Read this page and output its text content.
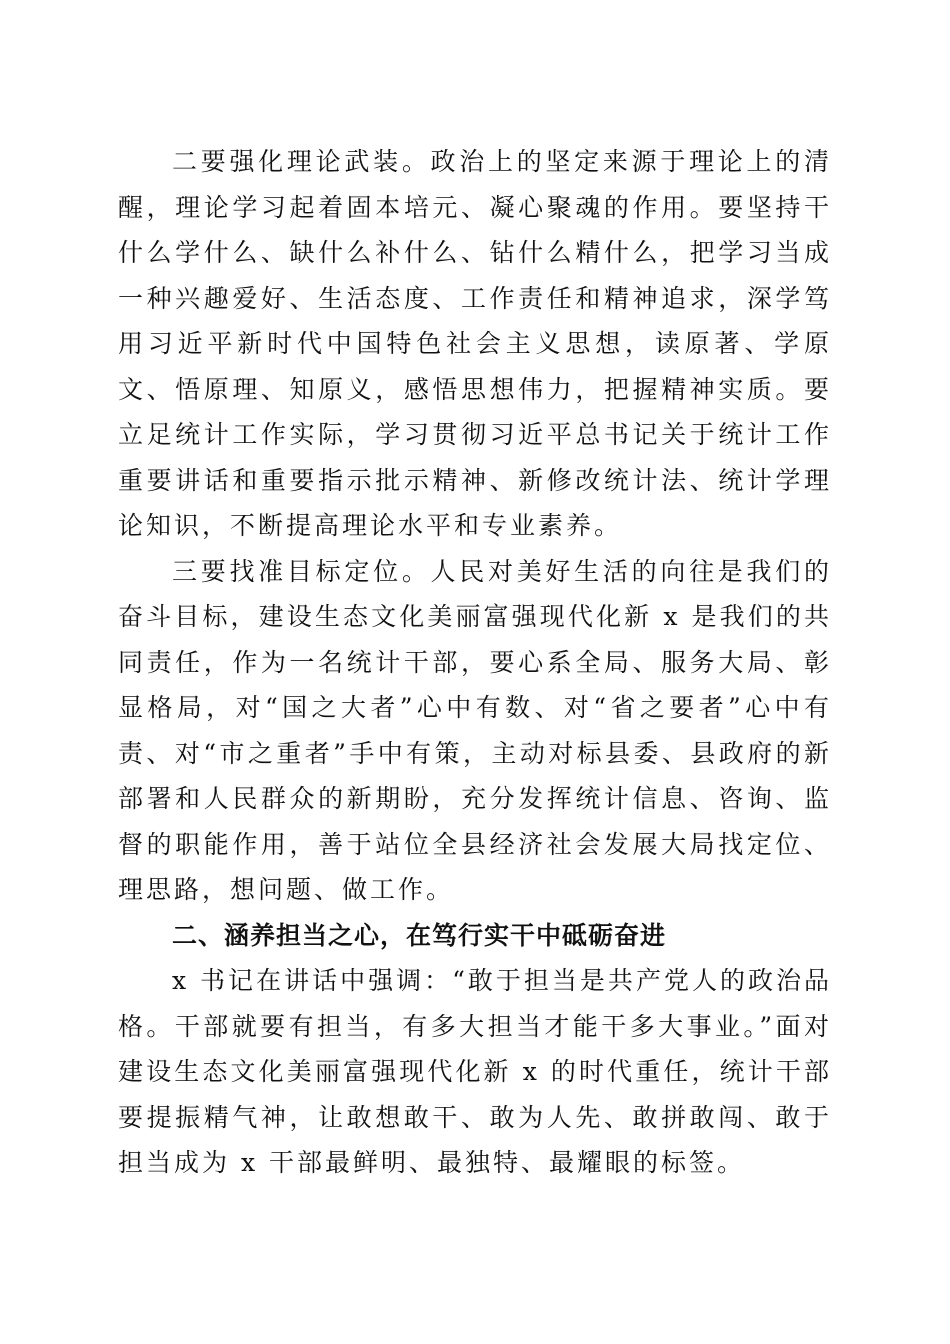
二要强化理论武装。政治上的坚定来源于理论上的清醒，理论学习起着固本培元、凝心聚魂的作用。要坚持干什么学什么、缺什么补什么、钻什么精什么，把学习当成一种兴趣爱好、生活态度、工作责任和精神追求，深学笃用习近平新时代中国特色社会主义思想，读原著、学原文、悟原理、知原义，感悟思想伟力，把握精神实质。要立足统计工作实际，学习贯彻习近平总书记关于统计工作重要讲话和重要指示批示精神、新修改统计法、统计学理论知识，不断提高理论水平和专业素养。

三要找准目标定位。人民对美好生活的向往是我们的奋斗目标，建设生态文化美丽富强现代化新 x 是我们的共同责任，作为一名统计干部，要心系全局、服务大局、彰显格局，对“国之大者”心中有数、对“省之要者”心中有责、对“市之重者”手中有策，主动对标县委、县政府的新部署和人民群众的新期盼，充分发挥统计信息、咨询、监督的职能作用，善于站位全县经济社会发展大局找定位、理思路，想问题、做工作。

二、涵养担当之心，在笃行实干中砥砺奋进

x 书记在讲话中强调：“敢于担当是共产党人的政治品格。干部就要有担当，有多大担当才能干多大事业。”面对建设生态文化美丽富强现代化新 x 的时代重任，统计干部要提振精气神，让敢想敢干、敢为人先、敢拼敢闯、敢于担当成为 x 干部最鲜明、最独特、最耀眼的标签。
